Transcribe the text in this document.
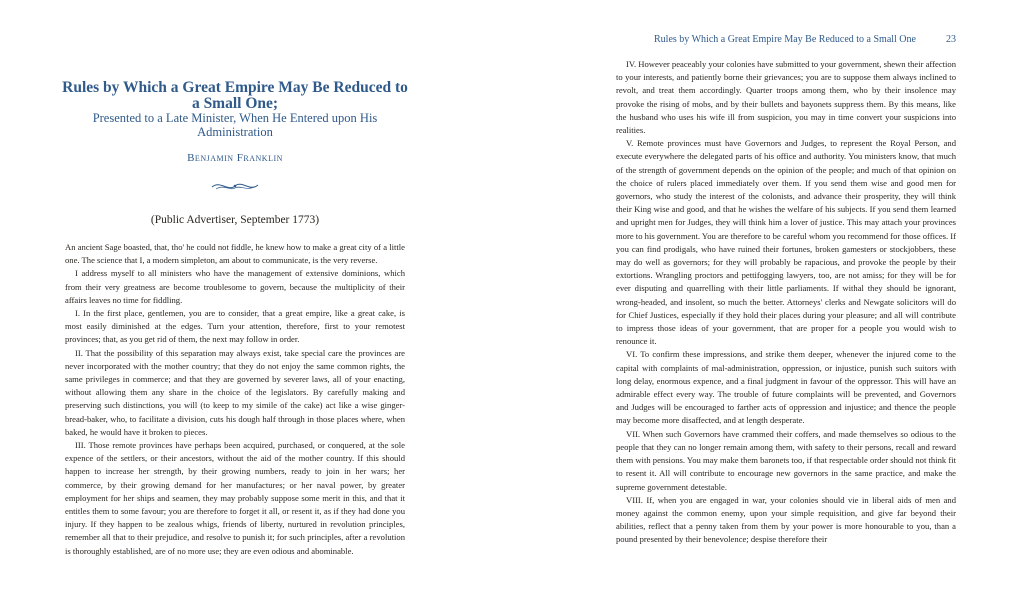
Rules by Which a Great Empire May Be Reduced to a Small One;
Presented to a Late Minister, When He Entered upon His Administration
Benjamin Franklin
(Public Advertiser, September 1773)

An ancient Sage boasted, that, tho' he could not fiddle, he knew how to make a great city of a little one. The science that I, a modern simpleton, am about to communicate, is the very reverse.

I address myself to all ministers who have the management of extensive dominions, which from their very greatness are become troublesome to govern, because the multiplicity of their affairs leaves no time for fiddling.

I. In the first place, gentlemen, you are to consider, that a great empire, like a great cake, is most easily diminished at the edges. Turn your attention, therefore, first to your remotest provinces; that, as you get rid of them, the next may follow in order.

II. That the possibility of this separation may always exist, take special care the provinces are never incorporated with the mother country; that they do not enjoy the same common rights, the same privileges in commerce; and that they are governed by severer laws, all of your enacting, without allowing them any share in the choice of the legislators. By carefully making and preserving such distinctions, you will (to keep to my simile of the cake) act like a wise ginger-bread-baker, who, to facilitate a division, cuts his dough half through in those places where, when baked, he would have it broken to pieces.

III. Those remote provinces have perhaps been acquired, purchased, or conquered, at the sole expence of the settlers, or their ancestors, without the aid of the mother country. If this should happen to increase her strength, by their growing numbers, ready to join in her wars; her commerce, by their growing demand for her manufactures; or her naval power, by greater employment for her ships and seamen, they may probably suppose some merit in this, and that it entitles them to some favour; you are therefore to forget it all, or resent it, as if they had done you injury. If they happen to be zealous whigs, friends of liberty, nurtured in revolution principles, remember all that to their prejudice, and resolve to punish it; for such principles, after a revolution is thoroughly established, are of no more use; they are even odious and abominable.

Rules by Which a Great Empire May Be Reduced to a Small One	23

IV. However peaceably your colonies have submitted to your government, shewn their affection to your interests, and patiently borne their grievances; you are to suppose them always inclined to revolt, and treat them accordingly. Quarter troops among them, who by their insolence may provoke the rising of mobs, and by their bullets and bayonets suppress them. By this means, like the husband who uses his wife ill from suspicion, you may in time convert your suspicions into realities.

V. Remote provinces must have Governors and Judges, to represent the Royal Person, and execute everywhere the delegated parts of his office and authority. You ministers know, that much of the strength of government depends on the opinion of the people; and much of that opinion on the choice of rulers placed immediately over them. If you send them wise and good men for governors, who study the interest of the colonists, and advance their prosperity, they will think their King wise and good, and that he wishes the welfare of his subjects. If you send them learned and upright men for Judges, they will think him a lover of justice. This may attach your provinces more to his government. You are therefore to be careful whom you recommend for those offices. If you can find prodigals, who have ruined their fortunes, broken gamesters or stockjobbers, these may do well as governors; for they will probably be rapacious, and provoke the people by their extortions. Wrangling proctors and pettifogging lawyers, too, are not amiss; for they will be for ever disputing and quarrelling with their little parliaments. If withal they should be ignorant, wrong-headed, and insolent, so much the better. Attorneys' clerks and Newgate solicitors will do for Chief Justices, especially if they hold their places during your pleasure; and all will contribute to impress those ideas of your government, that are proper for a people you would wish to renounce it.

VI. To confirm these impressions, and strike them deeper, whenever the injured come to the capital with complaints of mal-administration, oppression, or injustice, punish such suitors with long delay, enormous expence, and a final judgment in favour of the oppressor. This will have an admirable effect every way. The trouble of future complaints will be prevented, and Governors and Judges will be encouraged to farther acts of oppression and injustice; and thence the people may become more disaffected, and at length desperate.

VII. When such Governors have crammed their coffers, and made themselves so odious to the people that they can no longer remain among them, with safety to their persons, recall and reward them with pensions. You may make them baronets too, if that respectable order should not think fit to resent it. All will contribute to encourage new governors in the same practice, and make the supreme government detestable.

VIII. If, when you are engaged in war, your colonies should vie in liberal aids of men and money against the common enemy, upon your simple requisition, and give far beyond their abilities, reflect that a penny taken from them by your power is more honourable to you, than a pound presented by their benevolence; despise therefore their
